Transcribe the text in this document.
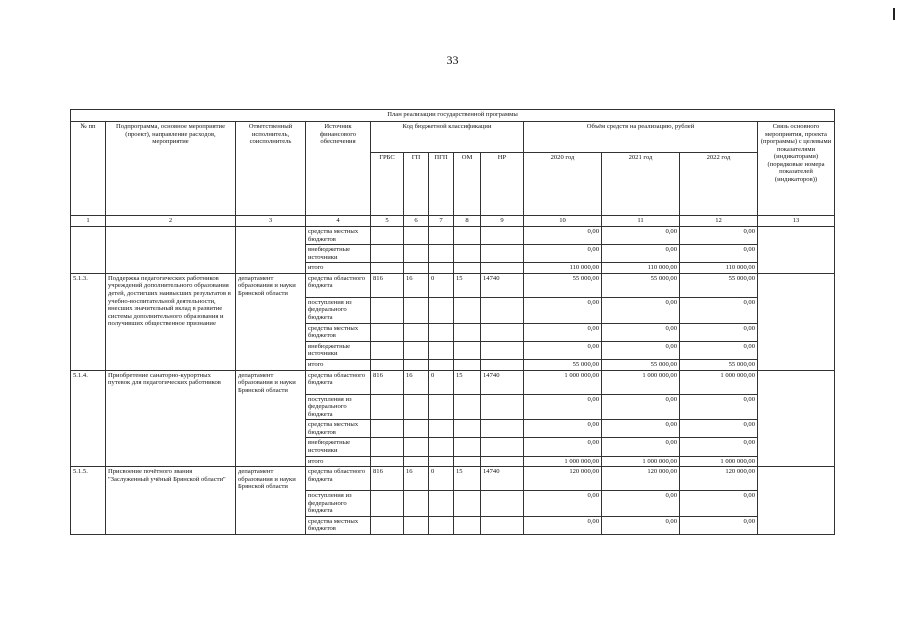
33
План реализации государственной программы												
№ пп	Подпрограмма, основное мероприятие (проект), направление расходов, мероприятие	Ответственный исполнитель, соисполнитель	Источник финансового обеспечения	Код бюджетной классификации					Объём средств на реализацию, рублей			Связь основного мероприятия, проекта (программы) с целевыми показателями (индикаторами) (порядковые номера показателей (индикаторов))
				ГРБС	ГП	ПГП	ОМ	НР	2020 год	2021 год	2022 год	
1	2	3	4	5	6	7	8	9	10	11	12	13
			средства местных бюджетов						0,00	0,00	0,00	
			внебюджетные источники						0,00	0,00	0,00	
			итого						110 000,00	110 000,00	110 000,00	
5.1.3.	Поддержка педагогических работников учреждений дополнительного образования детей, достигших наивысших результатов в учебно-воспитательной деятельности, внесших значительный вклад в развитие системы дополнительного образования и получивших общественное признание	департамент образования и науки Брянской области	средства областного бюджета	816	16	0	15	14740	55 000,00	55 000,00	55 000,00	
			поступления из федерального бюджета						0,00	0,00	0,00	
			средства местных бюджетов						0,00	0,00	0,00	
			внебюджетные источники						0,00	0,00	0,00	
			итого						55 000,00	55 000,00	55 000,00	
5.1.4.	Приобретение санаторно-курортных путевок для педагогических работников	департамент образования и науки Брянской области	средства областного бюджета	816	16	0	15	14740	1 000 000,00	1 000 000,00	1 000 000,00	
			поступления из федерального бюджета						0,00	0,00	0,00	
			средства местных бюджетов						0,00	0,00	0,00	
			внебюджетные источники						0,00	0,00	0,00	
			итого						1 000 000,00	1 000 000,00	1 000 000,00	
5.1.5.	Присвоение почётного звания "Заслуженный учёный Брянской области"	департамент образования и науки Брянской области	средства областного бюджета	816	16	0	15	14740	120 000,00	120 000,00	120 000,00	
			поступления из федерального бюджета						0,00	0,00	0,00	
			средства местных бюджетов						0,00	0,00	0,00	
